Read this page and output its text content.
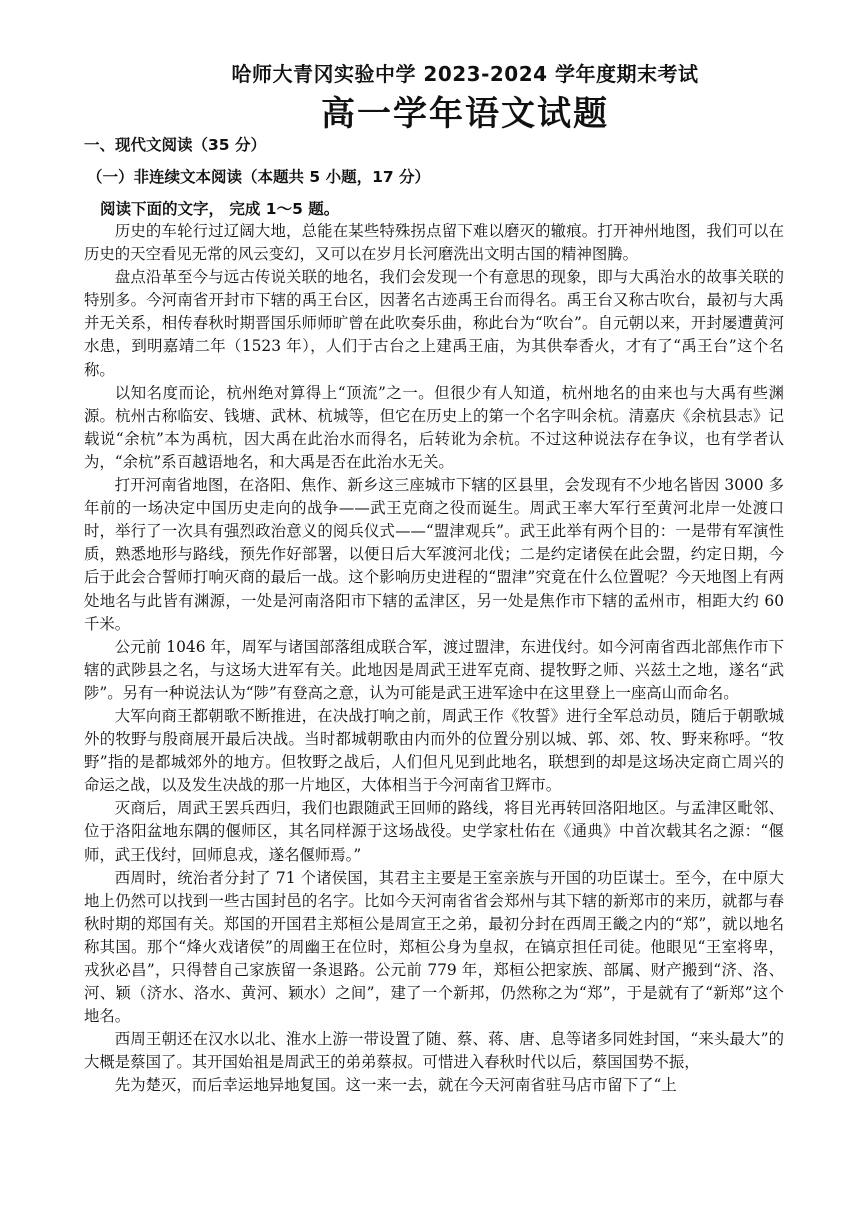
哈师大青冈实验中学 2023-2024 学年度期末考试
高一学年语文试题
一、现代文阅读（35 分）
（一）非连续文本阅读（本题共 5 小题，17 分）
阅读下面的文字， 完成 1～5 题。

历史的车轮行过辽阔大地，总能在某些特殊拐点留下难以磨灭的辙痕。打开神州地图，我们可以在历史的天空看见无常的风云变幻，又可以在岁月长河磨洗出文明古国的精神图腾。

盘点沿革至今与远古传说关联的地名，我们会发现一个有意思的现象，即与大禹治水的故事关联的特别多。今河南省开封市下辖的禹王台区，因著名古迹禹王台而得名。禹王台又称古吹台，最初与大禹并无关系，相传春秋时期晋国乐师师旷曾在此吹奏乐曲，称此台为“吹台”。自元朝以来，开封屡遭黄河水患，到明嘉靖二年（1523 年），人们于古台之上建禹王庙，为其供奉香火，才有了“禹王台”这个名称。

以知名度而论，杭州绝对算得上“顶流”之一。但很少有人知道，杭州地名的由来也与大禹有些渊源。杭州古称临安、钱塘、武林、杭城等，但它在历史上的第一个名字叫余杭。清嘉庆《余杭县志》记载说“余杭”本为禹杭，因大禹在此治水而得名，后转讹为余杭。不过这种说法存在争议，也有学者认为，“余杭”系百越语地名，和大禹是否在此治水无关。

打开河南省地图，在洛阳、焦作、新乡这三座城市下辖的区县里，会发现有不少地名皆因 3000 多年前的一场决定中国历史走向的战争——武王克商之役而诞生。周武王率大军行至黄河北岸一处渡口时，举行了一次具有强烈政治意义的阅兵仪式——“盟津观兵”。武王此举有两个目的：一是带有军演性质，熟悉地形与路线，预先作好部署，以便日后大军渡河北伐；二是约定诸侯在此会盟，约定日期，今后于此会合誓师打响灭商的最后一战。这个影响历史进程的“盟津”究竟在什么位置呢？今天地图上有两处地名与此皆有渊源，一处是河南洛阳市下辖的孟津区，另一处是焦作市下辖的孟州市，相距大约 60 千米。

公元前 1046 年，周军与诸国部落组成联合军，渡过盟津，东进伐纣。如今河南省西北部焦作市下辖的武陟县之名，与这场大进军有关。此地因是周武王进军克商、提牧野之师、兴兹土之地，遂名“武陟”。另有一种说法认为“陟”有登高之意，认为可能是武王进军途中在这里登上一座高山而命名。

大军向商王都朝歌不断推进，在决战打响之前，周武王作《牧誓》进行全军总动员，随后于朝歌城外的牧野与殷商展开最后决战。当时都城朝歌由内而外的位置分别以城、郭、郊、牧、野来称呼。“牧野”指的是都城郊外的地方。但牧野之战后，人们但凡见到此地名，联想到的却是这场决定商亡周兴的命运之战，以及发生决战的那一片地区，大体相当于今河南省卫辉市。

灭商后，周武王罢兵西归，我们也跟随武王回师的路线，将目光再转回洛阳地区。与孟津区毗邻、位于洛阳盆地东隅的偃师区，其名同样源于这场战役。史学家杜佑在《通典》中首次载其名之源：“偃师，武王伐纣，回师息戎，遂名偃师焉。”

西周时，统治者分封了 71 个诸侯国，其君主主要是王室亲族与开国的功臣谋士。至今，在中原大地上仍然可以找到一些古国封邑的名字。比如今天河南省省会郑州与其下辖的新郑市的来历，就都与春秋时期的郑国有关。郑国的开国君主郑桓公是周宣王之弟，最初分封在西周王畿之内的“郑”，就以地名称其国。那个“烽火戏诸侯”的周幽王在位时，郑桓公身为皇叔，在镐京担任司徒。他眼见“王室将卑，戎狄必昌”，只得替自己家族留一条退路。公元前 779 年，郑桓公把家族、部属、财产搬到“济、洛、河、颖（济水、洛水、黄河、颖水）之间”，建了一个新邦，仍然称之为“郑”，于是就有了“新郑”这个地名。

西周王朝还在汉水以北、淮水上游一带设置了随、蔡、蒋、唐、息等诸多同姓封国，“来头最大”的大概是蔡国了。其开国始祖是周武王的弟弟蔡叔。可惜进入春秋时代以后，蔡国国势不振，

先为楚灭，而后幸运地异地复国。这一来一去，就在今天河南省驻马店市留下了“上
